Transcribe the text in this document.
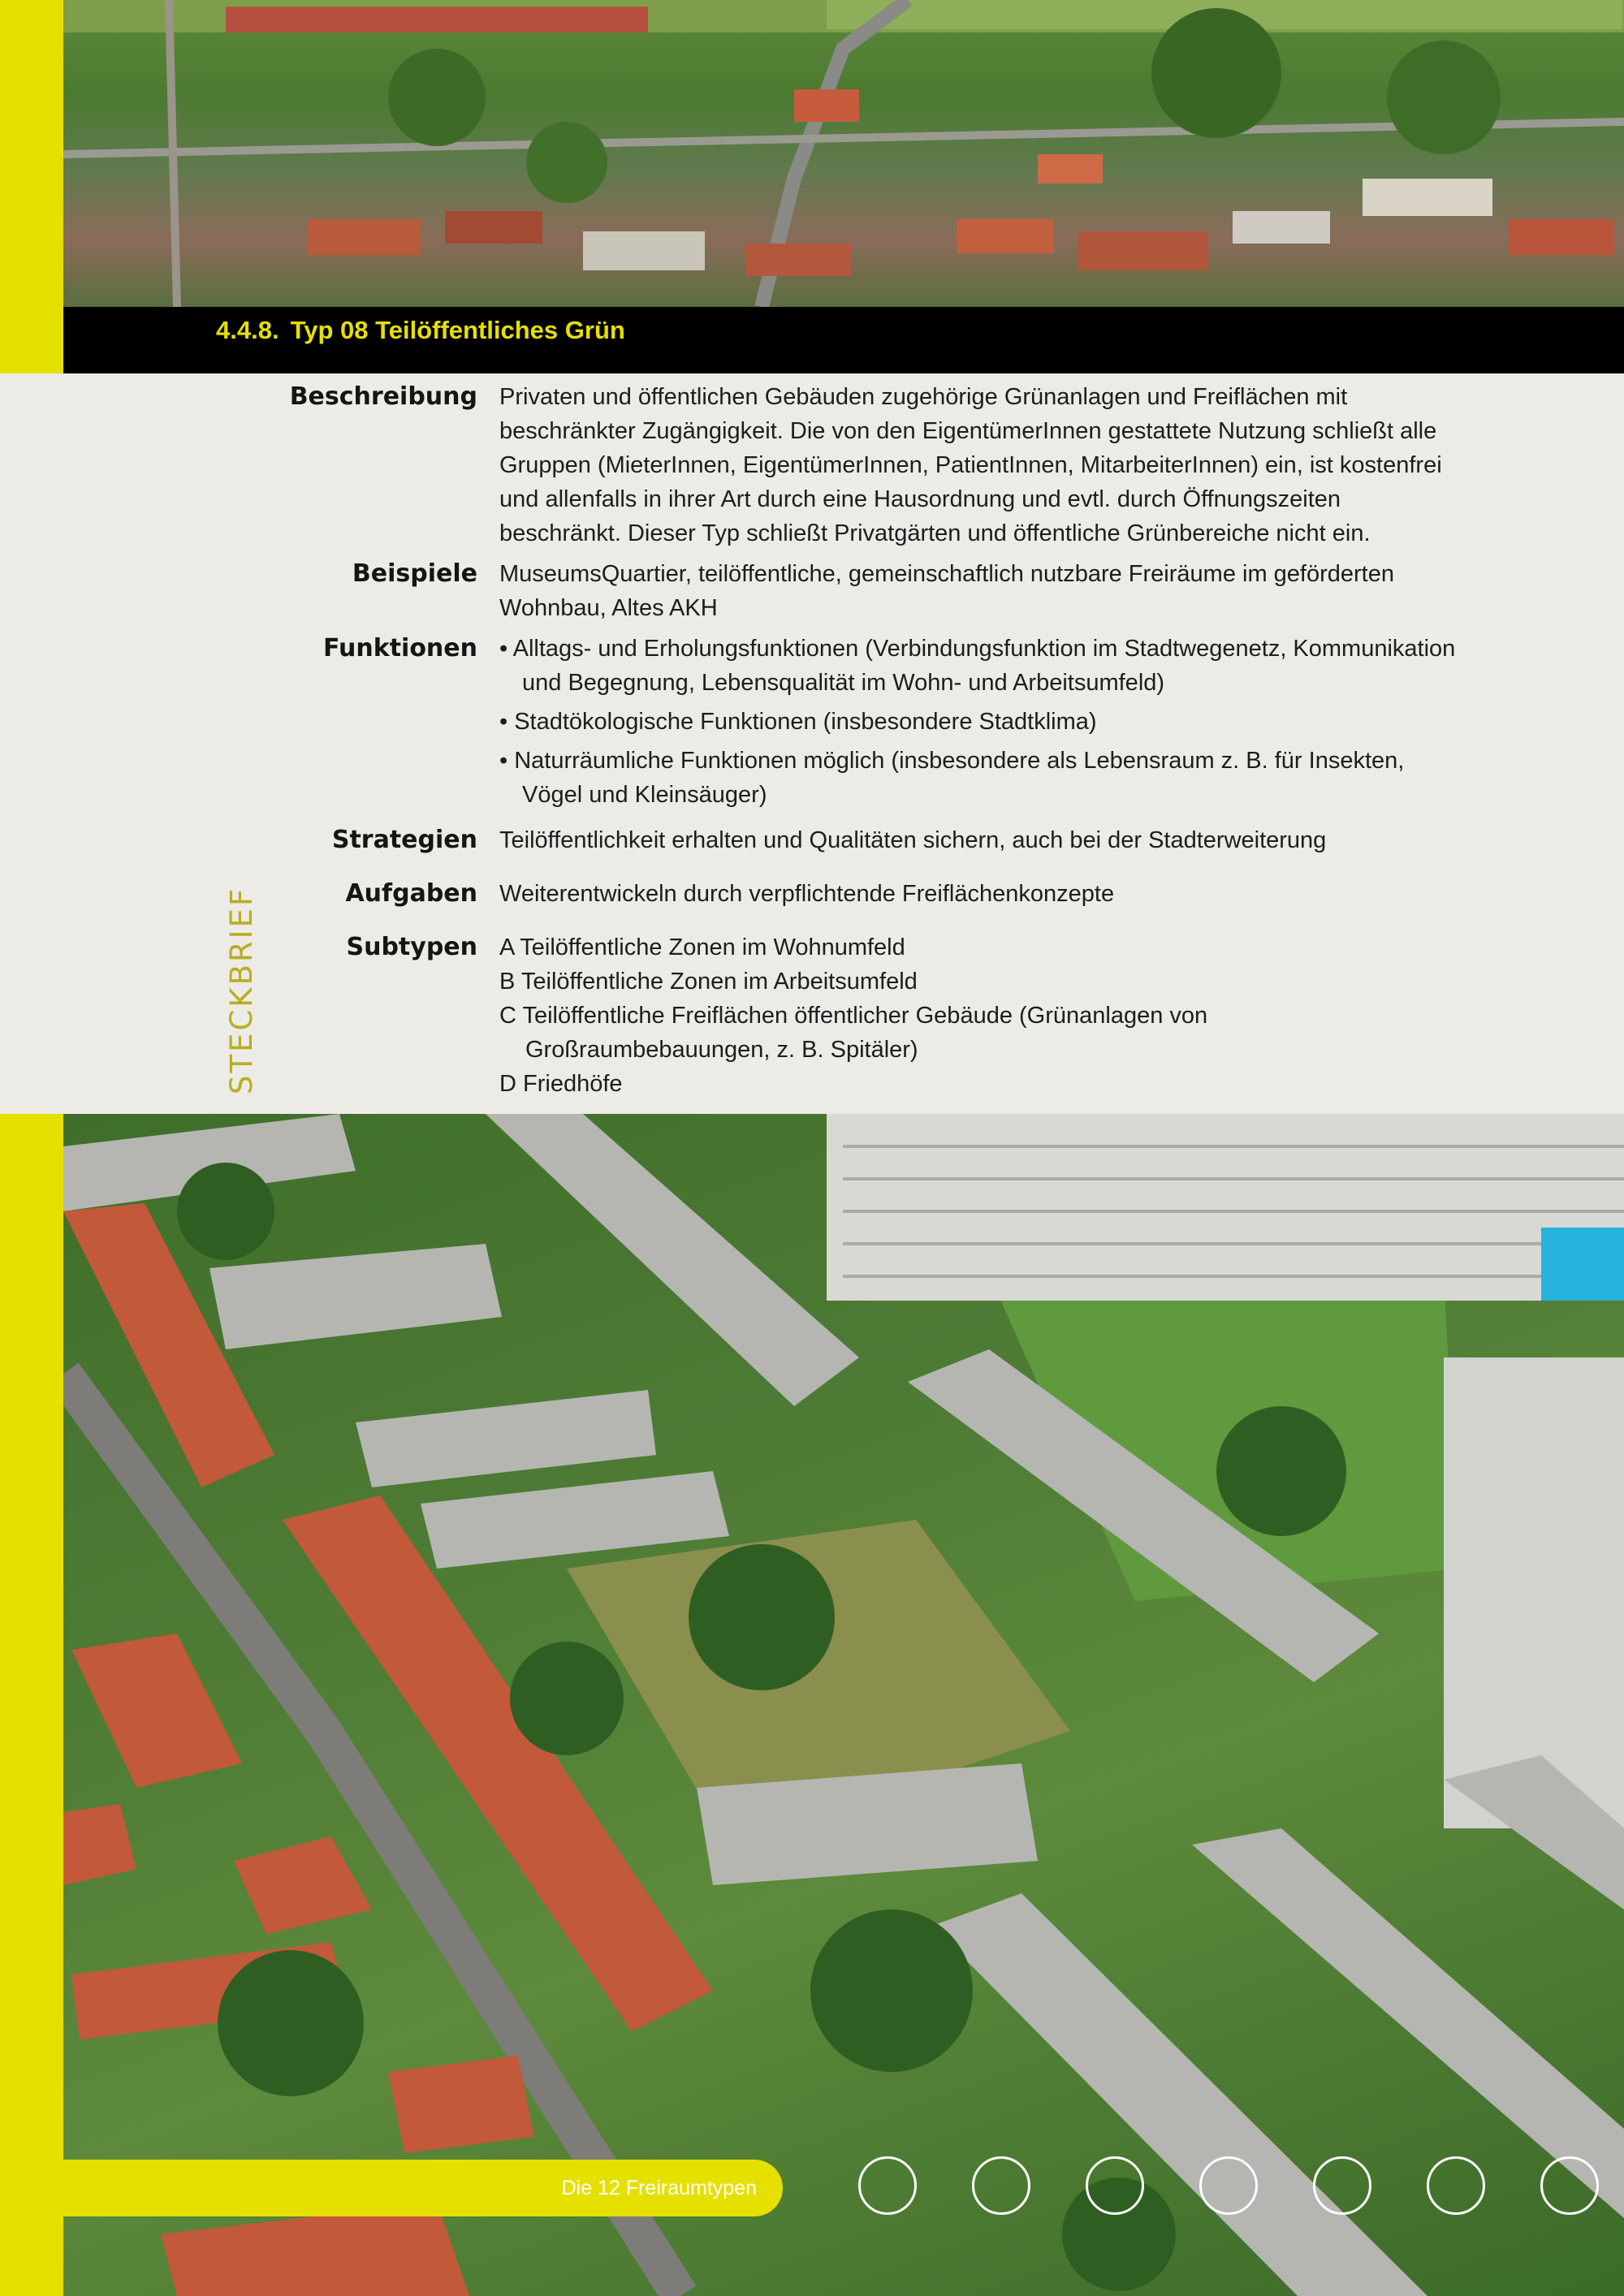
4.4.8. Typ 08 Teilöffentliches Grün
Beschreibung Privaten und öffentlichen Gebäuden zugehörige Grünanlagen und Freiflächen mit beschränkter Zugängigkeit. Die von den EigentümerInnen gestattete Nutzung schließt alle Gruppen (MieterInnen, EigentümerInnen, PatientInnen, MitarbeiterInnen) ein, ist kostenfrei und allenfalls in ihrer Art durch eine Hausordnung und evtl. durch Öffnungszeiten beschränkt. Dieser Typ schließt Privatgärten und öffentliche Grünbereiche nicht ein.
Beispiele MuseumsQuartier, teilöffentliche, gemeinschaftlich nutzbare Freiräume im geförderten Wohnbau, Altes AKH
Funktionen • Alltags- und Erholungsfunktionen (Verbindungsfunktion im Stadtwegenetz, Kommunikation und Begegnung, Lebensqualität im Wohn- und Arbeitsumfeld)
• Stadtökologische Funktionen (insbesondere Stadtklima)
• Naturräumliche Funktionen möglich (insbesondere als Lebensraum z. B. für Insekten, Vögel und Kleinsäuger)
Strategien Teilöffentlichkeit erhalten und Qualitäten sichern, auch bei der Stadterweiterung
Aufgaben Weiterentwickeln durch verpflichtende Freiflächenkonzepte
Subtypen A Teilöffentliche Zonen im Wohnumfeld
B Teilöffentliche Zonen im Arbeitsumfeld
C Teilöffentliche Freiflächen öffentlicher Gebäude (Grünanlagen von Großraumbebauungen, z. B. Spitäler)
D Friedhöfe
STECKBRIEF
Die 12 Freiraumtypen
